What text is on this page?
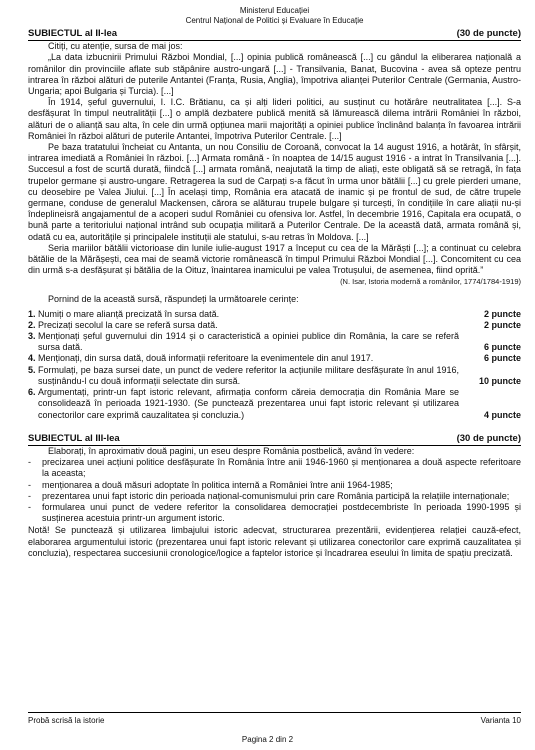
Ministerul Educației
Centrul Național de Politici și Evaluare în Educație
SUBIECTUL al II-lea	(30 de puncte)

Citiți, cu atenție, sursa de mai jos:

„La data izbucnirii Primului Război Mondial, [...] opinia publică românească [...] cu gândul la eliberarea națională a românilor din provinciile aflate sub stăpânire austro-ungară [...] - Transilvania, Banat, Bucovina - avea să opteze pentru intrarea în război alături de puterile Antantei (Franța, Rusia, Anglia), împotriva alianței Puterilor Centrale (Germania, Austro-Ungaria; apoi Bulgaria și Turcia). [...]

În 1914, șeful guvernului, I. I.C. Brătianu, ca și alți lideri politici, au susținut cu hotărâre neutralitatea [...]. S-a desfășurat în timpul neutralității [...] o amplă dezbatere publică menită să lămurească dilema intrării României în război, alături de o alianță sau alta, în cele din urmă opțiunea marii majorități a opiniei publice înclinând balanța în favoarea intrării României în război alături de puterile Antantei, împotriva Puterilor Centrale. [...]

Pe baza tratatului încheiat cu Antanta, un nou Consiliu de Coroană, convocat la 14 august 1916, a hotărât, în sfârșit, intrarea imediată a României în război. [...] Armata română - în noaptea de 14/15 august 1916 - a intrat în Transilvania [...]. Succesul a fost de scurtă durată, fiindcă [...] armata română, neajutată la timp de aliați, este obligată să se retragă, în fața trupelor germane și austro-ungare. Retragerea la sud de Carpați s-a făcut în urma unor bătălii [...] cu grele pierderi umane, cu deosebire pe Valea Jiului. [...] În același timp, România era atacată de inamic și pe frontul de sud, de către trupele germane, conduse de generalul Mackensen, cărora se alăturau trupele bulgare și turcești, în condițiile în care aliații nu-și îndeplineisră angajamentul de a acoperi sudul României cu ofensiva lor. Astfel, în decembrie 1916, Capitala era ocupată, o bună parte a teritoriului național intrând sub ocupația militară a Puterilor Centrale. De la această dată, armata română și, odată cu ea, autoritățile și principalele instituții ale statului, s-au retras în Moldova. [...]

Seria mariilor bătălii victorioase din lunile iulie-august 1917 a început cu cea de la Mărăști [...]; a continuat cu celebra bătălie de la Mărășești, cea mai de seamă victorie românească în timpul Primului Război Mondial [...]. Concomitent cu cea din urmă s-a desfășurat și bătălia de la Oituz, înaintarea inamicului pe valea Trotușului, de asemenea, fiind oprită.”

(N. Isar, Istoria modernă a românilor, 1774/1784-1919)

Pornind de la această sursă, răspundeți la următoarele cerințe:

1. Numiți o mare alianță precizată în sursa dată.	2 puncte
2. Precizați secolul la care se referă sursa dată.	2 puncte
3. Menționați șeful guvernului din 1914 și o caracteristică a opiniei publice din România, la care se referă sursa dată.	6 puncte
4. Menționați, din sursa dată, două informații referitoare la evenimentele din anul 1917.	6 puncte
5. Formulați, pe baza sursei date, un punct de vedere referitor la acțiunile militare desfășurate în anul 1916, susținându-l cu două informații selectate din sursă.	10 puncte
6. Argumentați, printr-un fapt istoric relevant, afirmația conform căreia democrația din România Mare se consolidează în perioada 1921-1930. (Se punctează prezentarea unui fapt istoric relevant și utilizarea conectorilor care exprimă cauzalitatea și concluzia.)	4 puncte
SUBIECTUL al III-lea	(30 de puncte)

Elaborați, în aproximativ două pagini, un eseu despre România postbelică, având în vedere:

-	precizarea unei acțiuni politice desfășurate în România între anii 1946-1960 și menționarea a două aspecte referitoare la aceasta;
-	menționarea a două măsuri adoptate în politica internă a României între anii 1964-1985;
-	prezentarea unui fapt istoric din perioada național-comunismului prin care România participă la relațiile internaționale;
-	formularea unui punct de vedere referitor la consolidarea democrației postdecembriste în perioada 1990-1995 și susținerea acestuia printr-un argument istoric.

Notă! Se punctează și utilizarea limbajului istoric adecvat, structurarea prezentării, evidențierea relației cauză-efect, elaborarea argumentului istoric (prezentarea unui fapt istoric relevant și utilizarea conectorilor care exprimă cauzalitatea și concluzia), respectarea succesiunii cronologice/logice a faptelor istorice și încadrarea eseului în limita de spațiu precizată.

Probă scrisă la istorie	Varianta 10
Pagina 2 din 2
